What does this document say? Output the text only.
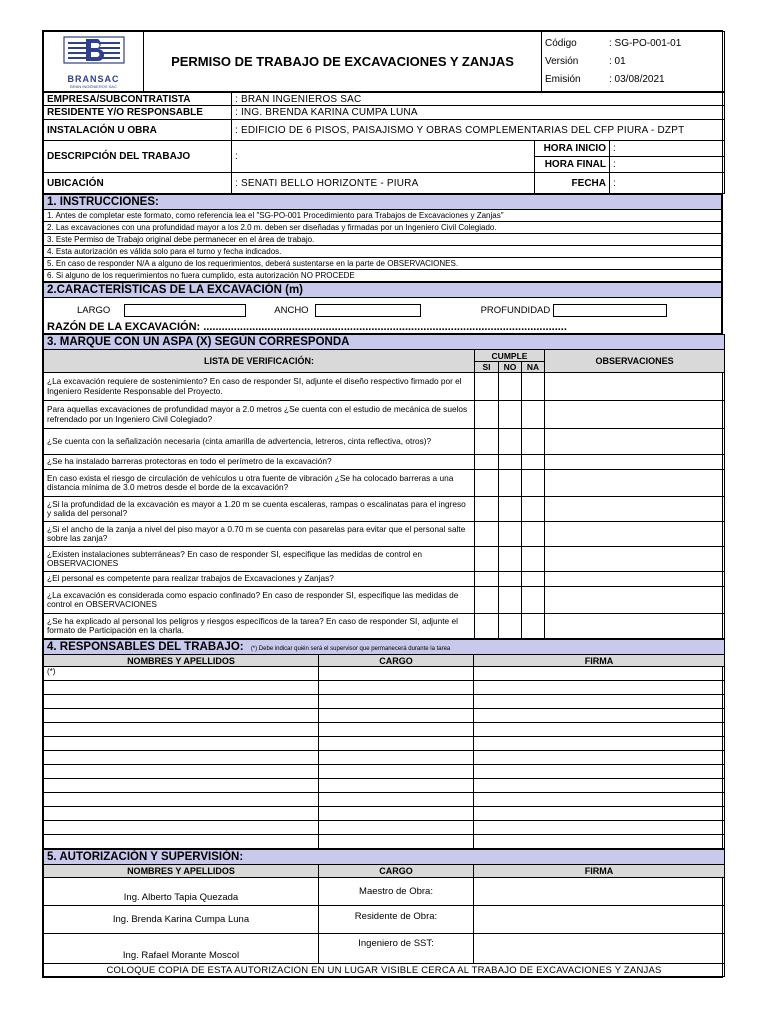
BRANSAC
BRAN INGENIEROS SAC
	PERMISO DE TRABAJO DE EXCAVACIONES Y ZANJAS	
Código	: SG-PO-001-01
Versión	: 01
Emisión	: 03/08/2021
EMPRESA/SUBCONTRATISTA	: BRAN INGENIEROS SAC		
RESIDENTE Y/O RESPONSABLE	: ING. BRENDA KARINA CUMPA LUNA		
INSTALACIÓN U OBRA	: EDIFICIO DE 6 PISOS, PAISAJISMO Y OBRAS COMPLEMENTARIAS DEL CFP PIURA - DZPT		
DESCRIPCIÓN DEL TRABAJO	:	HORA INICIO	:
		HORA FINAL	:
UBICACIÓN	: SENATI BELLO HORIZONTE - PIURA	FECHA	:
1. INSTRUCCIONES:
1. Antes de completar este formato, como referencia lea el "SG-PO-001 Procedimiento para Trabajos de Excavaciones y Zanjas"
2. Las excavaciones con una profundidad mayor a los 2.0 m. deben ser diseñadas y firmadas por un Ingeniero Civil Colegiado.
3. Este Permiso de Trabajo original debe permanecer en el área de trabajo.
4. Esta autorización es válida solo para el turno y fecha indicados.
5. En caso de responder N/A a alguno de los requerimientos, deberá sustentarse en la parte de OBSERVACIONES.
6. Si alguno de los requerimientos no fuera cumplido, esta autorización NO PROCEDE
2.CARACTERÍSTICAS DE LA EXCAVACIÓN (m)

LARGO	ANCHO	PROFUNDIDAD
RAZÓN DE LA EXCAVACIÓN: .......................................................................................................................
3. MARQUE CON UN ASPA (X) SEGÚN CORRESPONDA				
LISTA DE VERIFICACIÓN:	CUMPLE			OBSERVACIONES
	SI	NO	NA	
¿La excavación requiere de sostenimiento? En caso de responder SI, adjunte el diseño respectivo firmado por el Ingeniero Residente Responsable del Proyecto.				
Para aquellas excavaciones de profundidad mayor a 2.0 metros ¿Se cuenta con el estudio de mecánica de suelos refrendado por un Ingeniero Civil Colegiado?				
¿Se cuenta con la señalización necesaria (cinta amarilla de advertencia, letreros, cinta reflectiva, otros)?				
¿Se ha instalado barreras protectoras en todo el perímetro de la excavación?				
En caso exista el riesgo de circulación de vehículos u otra fuente de vibración ¿Se ha colocado barreras a una distancia mínima de 3.0 metros desde el borde de la excavación?				
¿Si la profundidad de la excavación es mayor a 1.20 m se cuenta escaleras, rampas o escalinatas para el ingreso y salida del personal?				
¿Si el ancho de la zanja a nivel del piso mayor a 0.70 m se cuenta con pasarelas para evitar que el personal salte sobre las zanja?				
¿Existen instalaciones subterráneas? En caso de responder SI, especifique las medidas de control en OBSERVACIONES				
¿El personal es competente para realizar trabajos de Excavaciones y Zanjas?				
¿La excavación es considerada como espacio confinado? En caso de responder SI, especifique las medidas de control en OBSERVACIONES				
¿Se ha explicado al personal los peligros y riesgos específicos de la tarea? En caso de responder SI, adjunte el formato de Participación en la charla.				
4. RESPONSABLES DEL TRABAJO: (*) Debe indicar quién será el supervisor que permanecerá durante la tarea		
NOMBRES Y APELLIDOS	CARGO	FIRMA
(*)		

5. AUTORIZACIÓN Y SUPERVISIÓN:		
NOMBRES Y APELLIDOS	CARGO	FIRMA
Ing. Alberto Tapia Quezada	Maestro de Obra:	
Ing. Brenda Karina Cumpa Luna	Residente de Obra:	
Ing. Rafael Morante Moscol	Ingeniero de SST:	
COLOQUE COPIA DE ESTA AUTORIZACION EN UN LUGAR VISIBLE CERCA AL TRABAJO DE EXCAVACIONES Y ZANJAS		
